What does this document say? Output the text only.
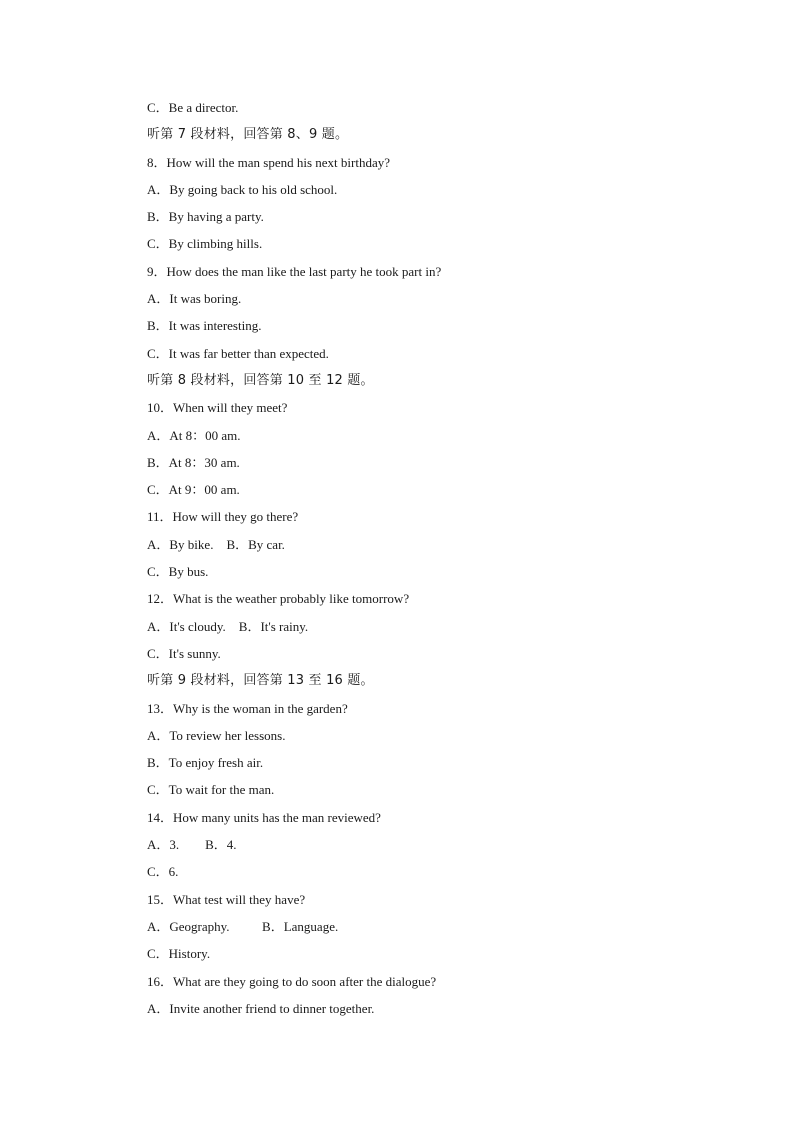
C．Be a director.
听第 7 段材料，回答第 8、9 题。
8．How will the man spend his next birthday?
A．By going back to his old school.
B．By having a party.
C．By climbing hills.
9．How does the man like the last party he took part in?
A．It was boring.
B．It was interesting.
C．It was far better than expected.
听第 8 段材料，回答第 10 至 12 题。
10．When will they meet?
A．At 8：00 am.
B．At 8：30 am.
C．At 9：00 am.
11．How will they go there?
A．By bike.    B．By car.
C．By bus.
12．What is the weather probably like tomorrow?
A．It's cloudy.    B．It's rainy.
C．It's sunny.
听第 9 段材料，回答第 13 至 16 题。
13．Why is the woman in the garden?
A．To review her lessons.
B．To enjoy fresh air.
C．To wait for the man.
14．How many units has the man reviewed?
A．3.        B．4.
C．6.
15．What test will they have?
A．Geography.          B．Language.
C．History.
16．What are they going to do soon after the dialogue?
A．Invite another friend to dinner together.
